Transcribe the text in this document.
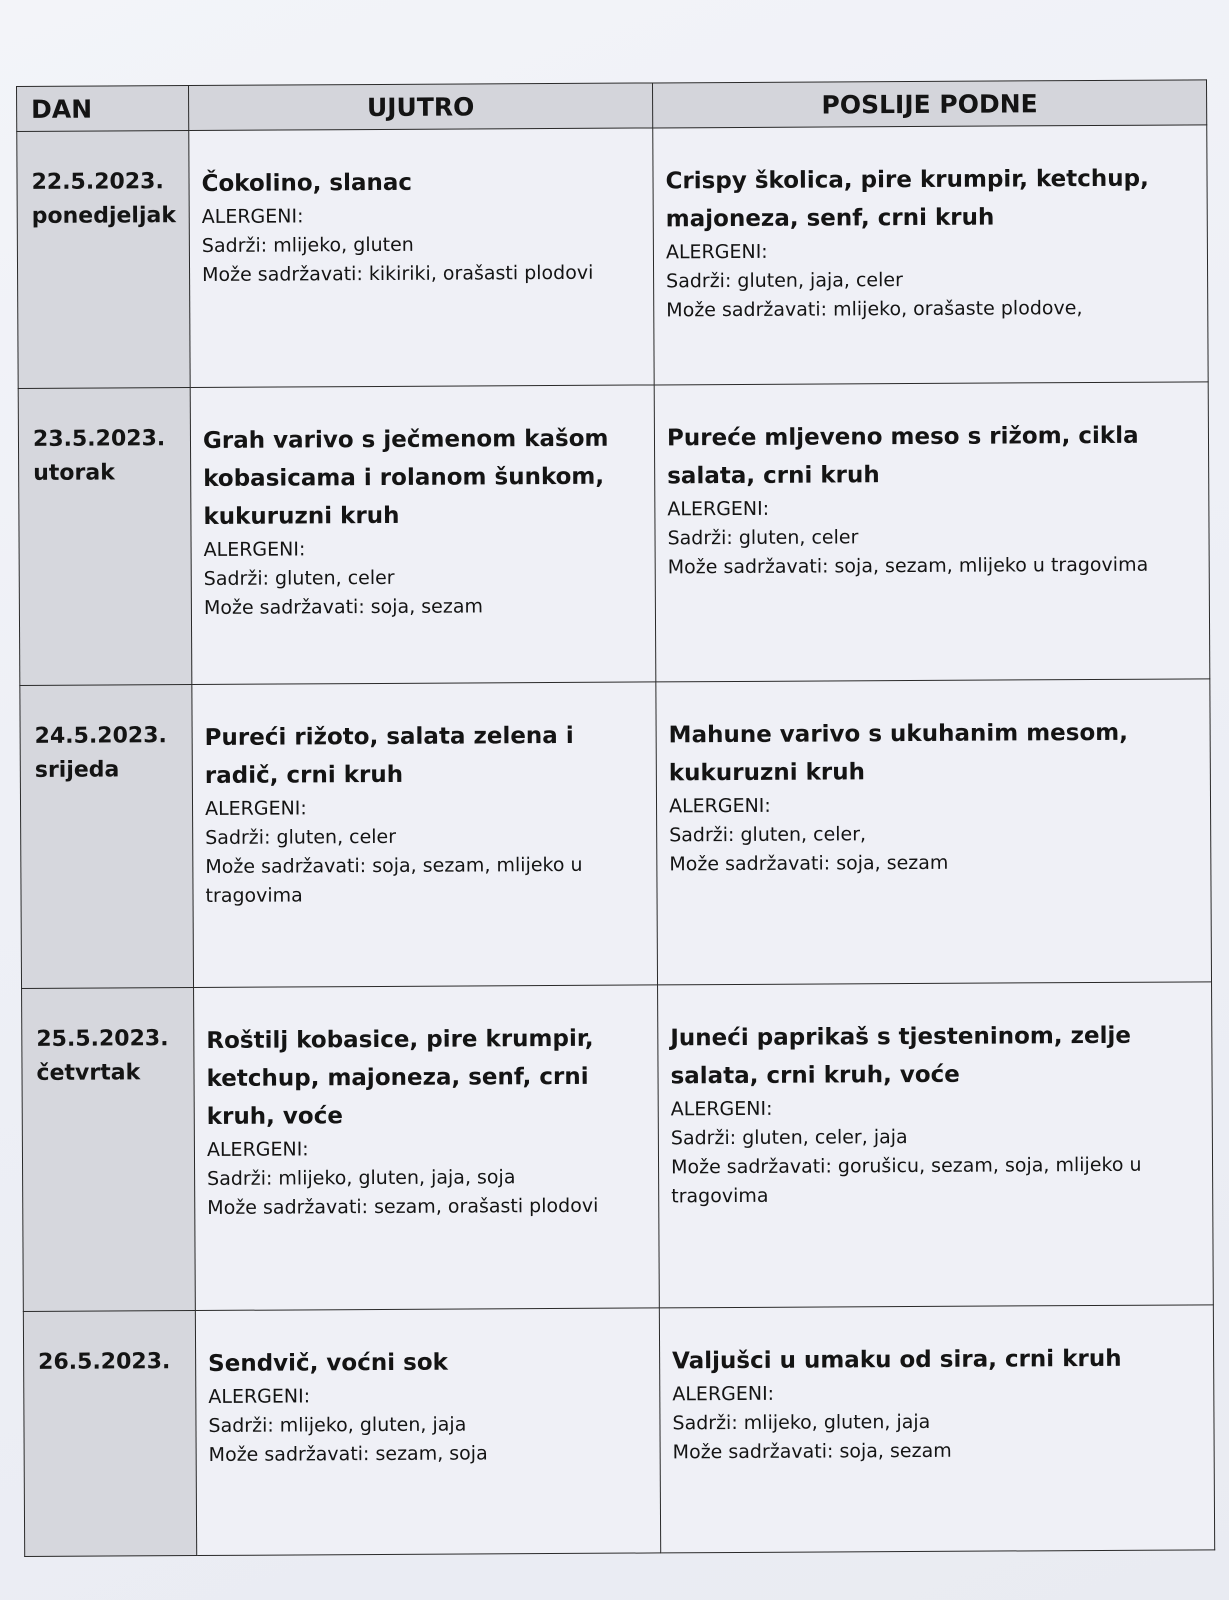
DAN	UJUTRO	POSLIJE PODNE

22.5.2023.
ponedjeljak	Čokolino, slanac
ALERGENI:
Sadrži: mlijeko, gluten
Može sadržavati: kikiriki, orašasti plodovi	Crispy školica, pire krumpir, ketchup, majoneza, senf, crni kruh
ALERGENI:
Sadrži: gluten, jaja, celer
Može sadržavati: mlijeko, orašaste plodove,

23.5.2023.
utorak	Grah varivo s ječmenom kašom kobasicama i rolanom šunkom, kukuruzni kruh
ALERGENI:
Sadrži: gluten, celer
Može sadržavati: soja, sezam	Pureće mljeveno meso s rižom, cikla salata, crni kruh
ALERGENI:
Sadrži: gluten, celer
Može sadržavati: soja, sezam, mlijeko u tragovima

24.5.2023.
srijeda	Pureći rižoto, salata zelena i radič, crni kruh
ALERGENI:
Sadrži: gluten, celer
Može sadržavati: soja, sezam, mlijeko u tragovima	Mahune varivo s ukuhanim mesom, kukuruzni kruh
ALERGENI:
Sadrži: gluten, celer,
Može sadržavati: soja, sezam

25.5.2023.
četvrtak	Roštilj kobasice, pire krumpir, ketchup, majoneza, senf, crni kruh, voće
ALERGENI:
Sadrži: mlijeko, gluten, jaja, soja
Može sadržavati: sezam, orašasti plodovi	Juneći paprikaš s tjesteninom, zelje salata, crni kruh, voće
ALERGENI:
Sadrži: gluten, celer, jaja
Može sadržavati: gorušicu, sezam, soja, mlijeko u tragovima

26.5.2023.	Sendvič, voćni sok
ALERGENI:
Sadrži: mlijeko, gluten, jaja
Može sadržavati: sezam, soja	Valjušci u umaku od sira, crni kruh
ALERGENI:
Sadrži: mlijeko, gluten, jaja
Može sadržavati: soja, sezam
